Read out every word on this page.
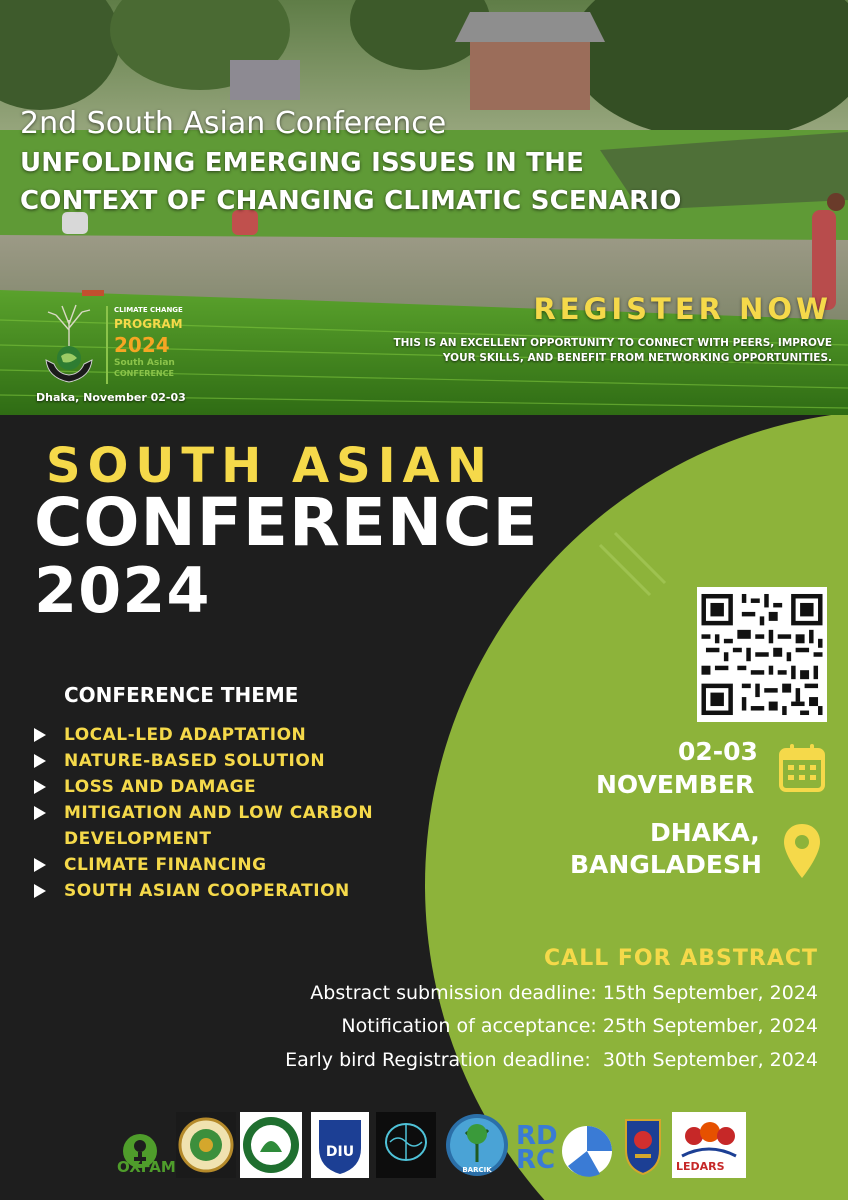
2nd South Asian Conference
UNFOLDING EMERGING ISSUES IN THE
CONTEXT OF CHANGING CLIMATIC SCENARIO
CLIMATE CHANGE
PROGRAM
2024
South Asian
CONFERENCE
Dhaka, November 02-03
REGISTER NOW
THIS IS AN EXCELLENT OPPORTUNITY TO CONNECT WITH PEERS, IMPROVE YOUR SKILLS, AND BENEFIT FROM NETWORKING OPPORTUNITIES.
SOUTH ASIAN
CONFERENCE
2024
CONFERENCE THEME
LOCAL-LED ADAPTATION
NATURE-BASED SOLUTION
LOSS AND DAMAGE
MITIGATION AND LOW CARBON DEVELOPMENT
CLIMATE FINANCING
SOUTH ASIAN COOPERATION
02-03
NOVEMBER
DHAKA,
BANGLADESH
CALL FOR ABSTRACT
Abstract submission deadline: 15th September, 2024
Notification of acceptance: 25th September, 2024
Early bird Registration deadline:  30th September, 2024
OXFAM
DIU
BARCIK
RD
RC	LEDARS
